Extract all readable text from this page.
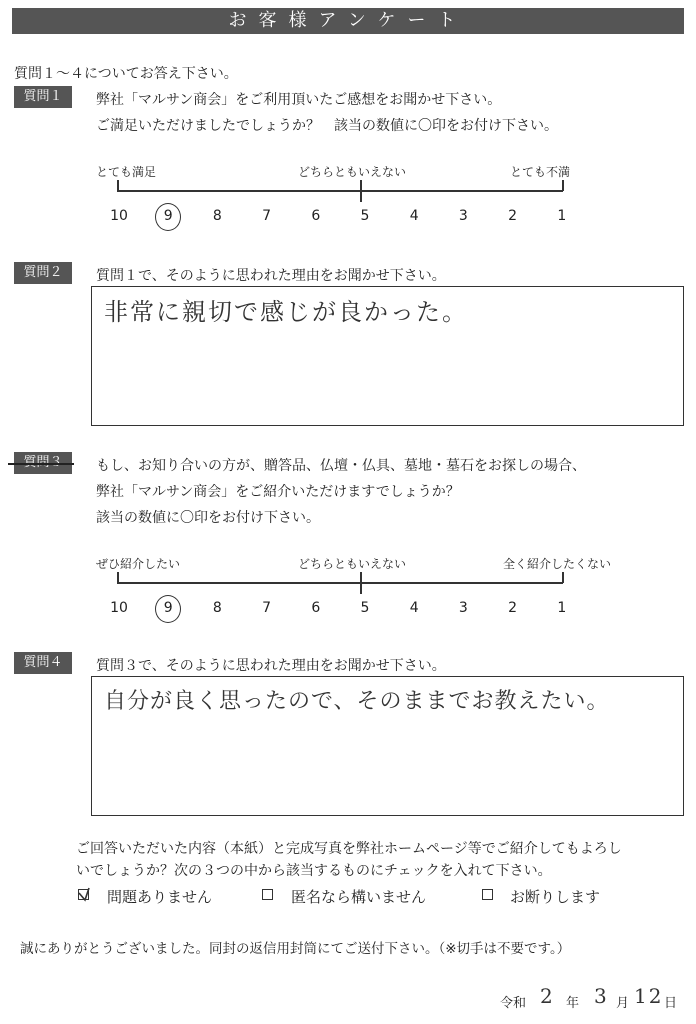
お客様アンケート
質問１～４についてお答え下さい。
質問１	弊社「マルサン商会」をご利用頂いたご感想をお聞かせ下さい。
ご満足いただけましたでしょうか？　該当の数値に〇印をお付け下さい。
とても満足	どちらともいえない	とても不満
10	9	8	7	6	5	4	3	2	1
質問２	質問１で、そのように思われた理由をお聞かせ下さい。
非常に親切で感じが良かった。
もし、お知り合いの方が、贈答品、仏壇・仏具、墓地・墓石をお探しの場合、
弊社「マルサン商会」をご紹介いただけますでしょうか？
該当の数値に〇印をお付け下さい。
ぜひ紹介したい	どちらともいえない	全く紹介したくない
10	9	8	7	6	5	4	3	2	1
質問４	質問３で、そのように思われた理由をお聞かせ下さい。
自分が良く思ったので、そのままでお教えたい。
ご回答いただいた内容（本紙）と完成写真を弊社ホームページ等でご紹介してもよろし
いでしょうか？次の３つの中から該当するものにチェックを入れて下さい。
問題ありません	匿名なら構いません	お断りします
誠にありがとうございました。同封の返信用封筒にてご送付下さい。（※切手は不要です。）
令和 2 年 3 月 12 日
